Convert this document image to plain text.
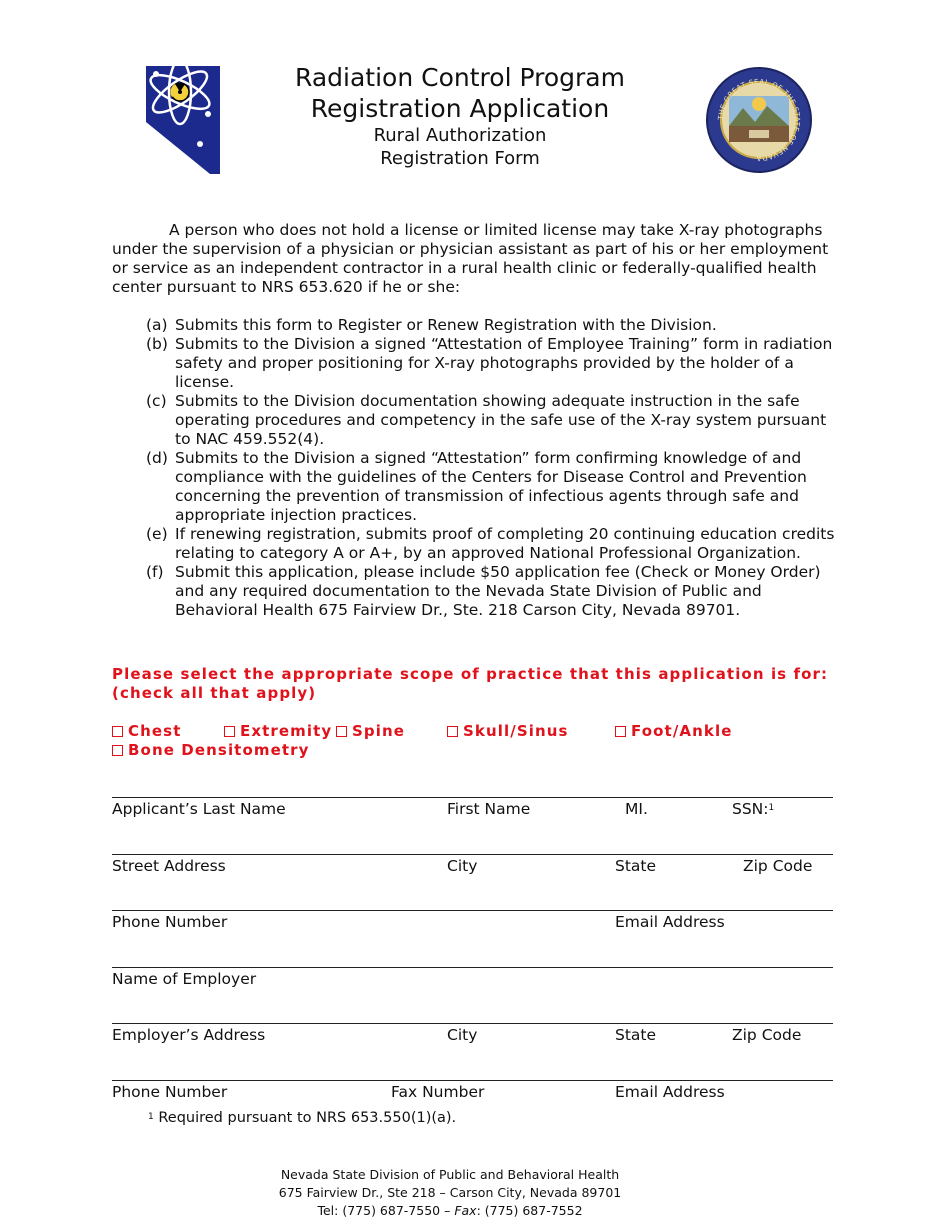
Radiation Control Program
Registration Application
Rural Authorization
Registration Form
THE GREAT SEAL OF THE STATE OF NEVADA

A person who does not hold a license or limited license may take X-ray photographs under the supervision of a physician or physician assistant as part of his or her employment or service as an independent contractor in a rural health clinic or federally-qualified health center pursuant to NRS 653.620 if he or she:

(a) Submits this form to Register or Renew Registration with the Division.
(b) Submits to the Division a signed “Attestation of Employee Training” form in radiation safety and proper positioning for X-ray photographs provided by the holder of a license.
(c) Submits to the Division documentation showing adequate instruction in the safe operating procedures and competency in the safe use of the X-ray system pursuant to NAC 459.552(4).
(d) Submits to the Division a signed “Attestation” form confirming knowledge of and compliance with the guidelines of the Centers for Disease Control and Prevention concerning the prevention of transmission of infectious agents through safe and appropriate injection practices.
(e) If renewing registration, submits proof of completing 20 continuing education credits relating to category A or A+, by an approved National Professional Organization.
(f) Submit this application, please include $50 application fee (Check or Money Order) and any required documentation to the Nevada State Division of Public and Behavioral Health 675 Fairview Dr., Ste. 218 Carson City, Nevada 89701.
Please select the appropriate scope of practice that this application is for: (check all that apply)
Chest	Extremity Spine	Skull/Sinus	Foot/Ankle
Bone Densitometry
Applicant’s Last Name	First Name	MI.	SSN:$^1$
Street Address	City	State	Zip Code
Phone Number	Email Address
Name of Employer
Employer’s Address	City	State	Zip Code
Phone Number	Fax Number	Email Address
$^1$ Required pursuant to NRS 653.550(1)(a).
Nevada State Division of Public and Behavioral Health
675 Fairview Dr., Ste 218 – Carson City, Nevada 89701
Tel: (775) 687-7550 – Fax: (775) 687-7552
